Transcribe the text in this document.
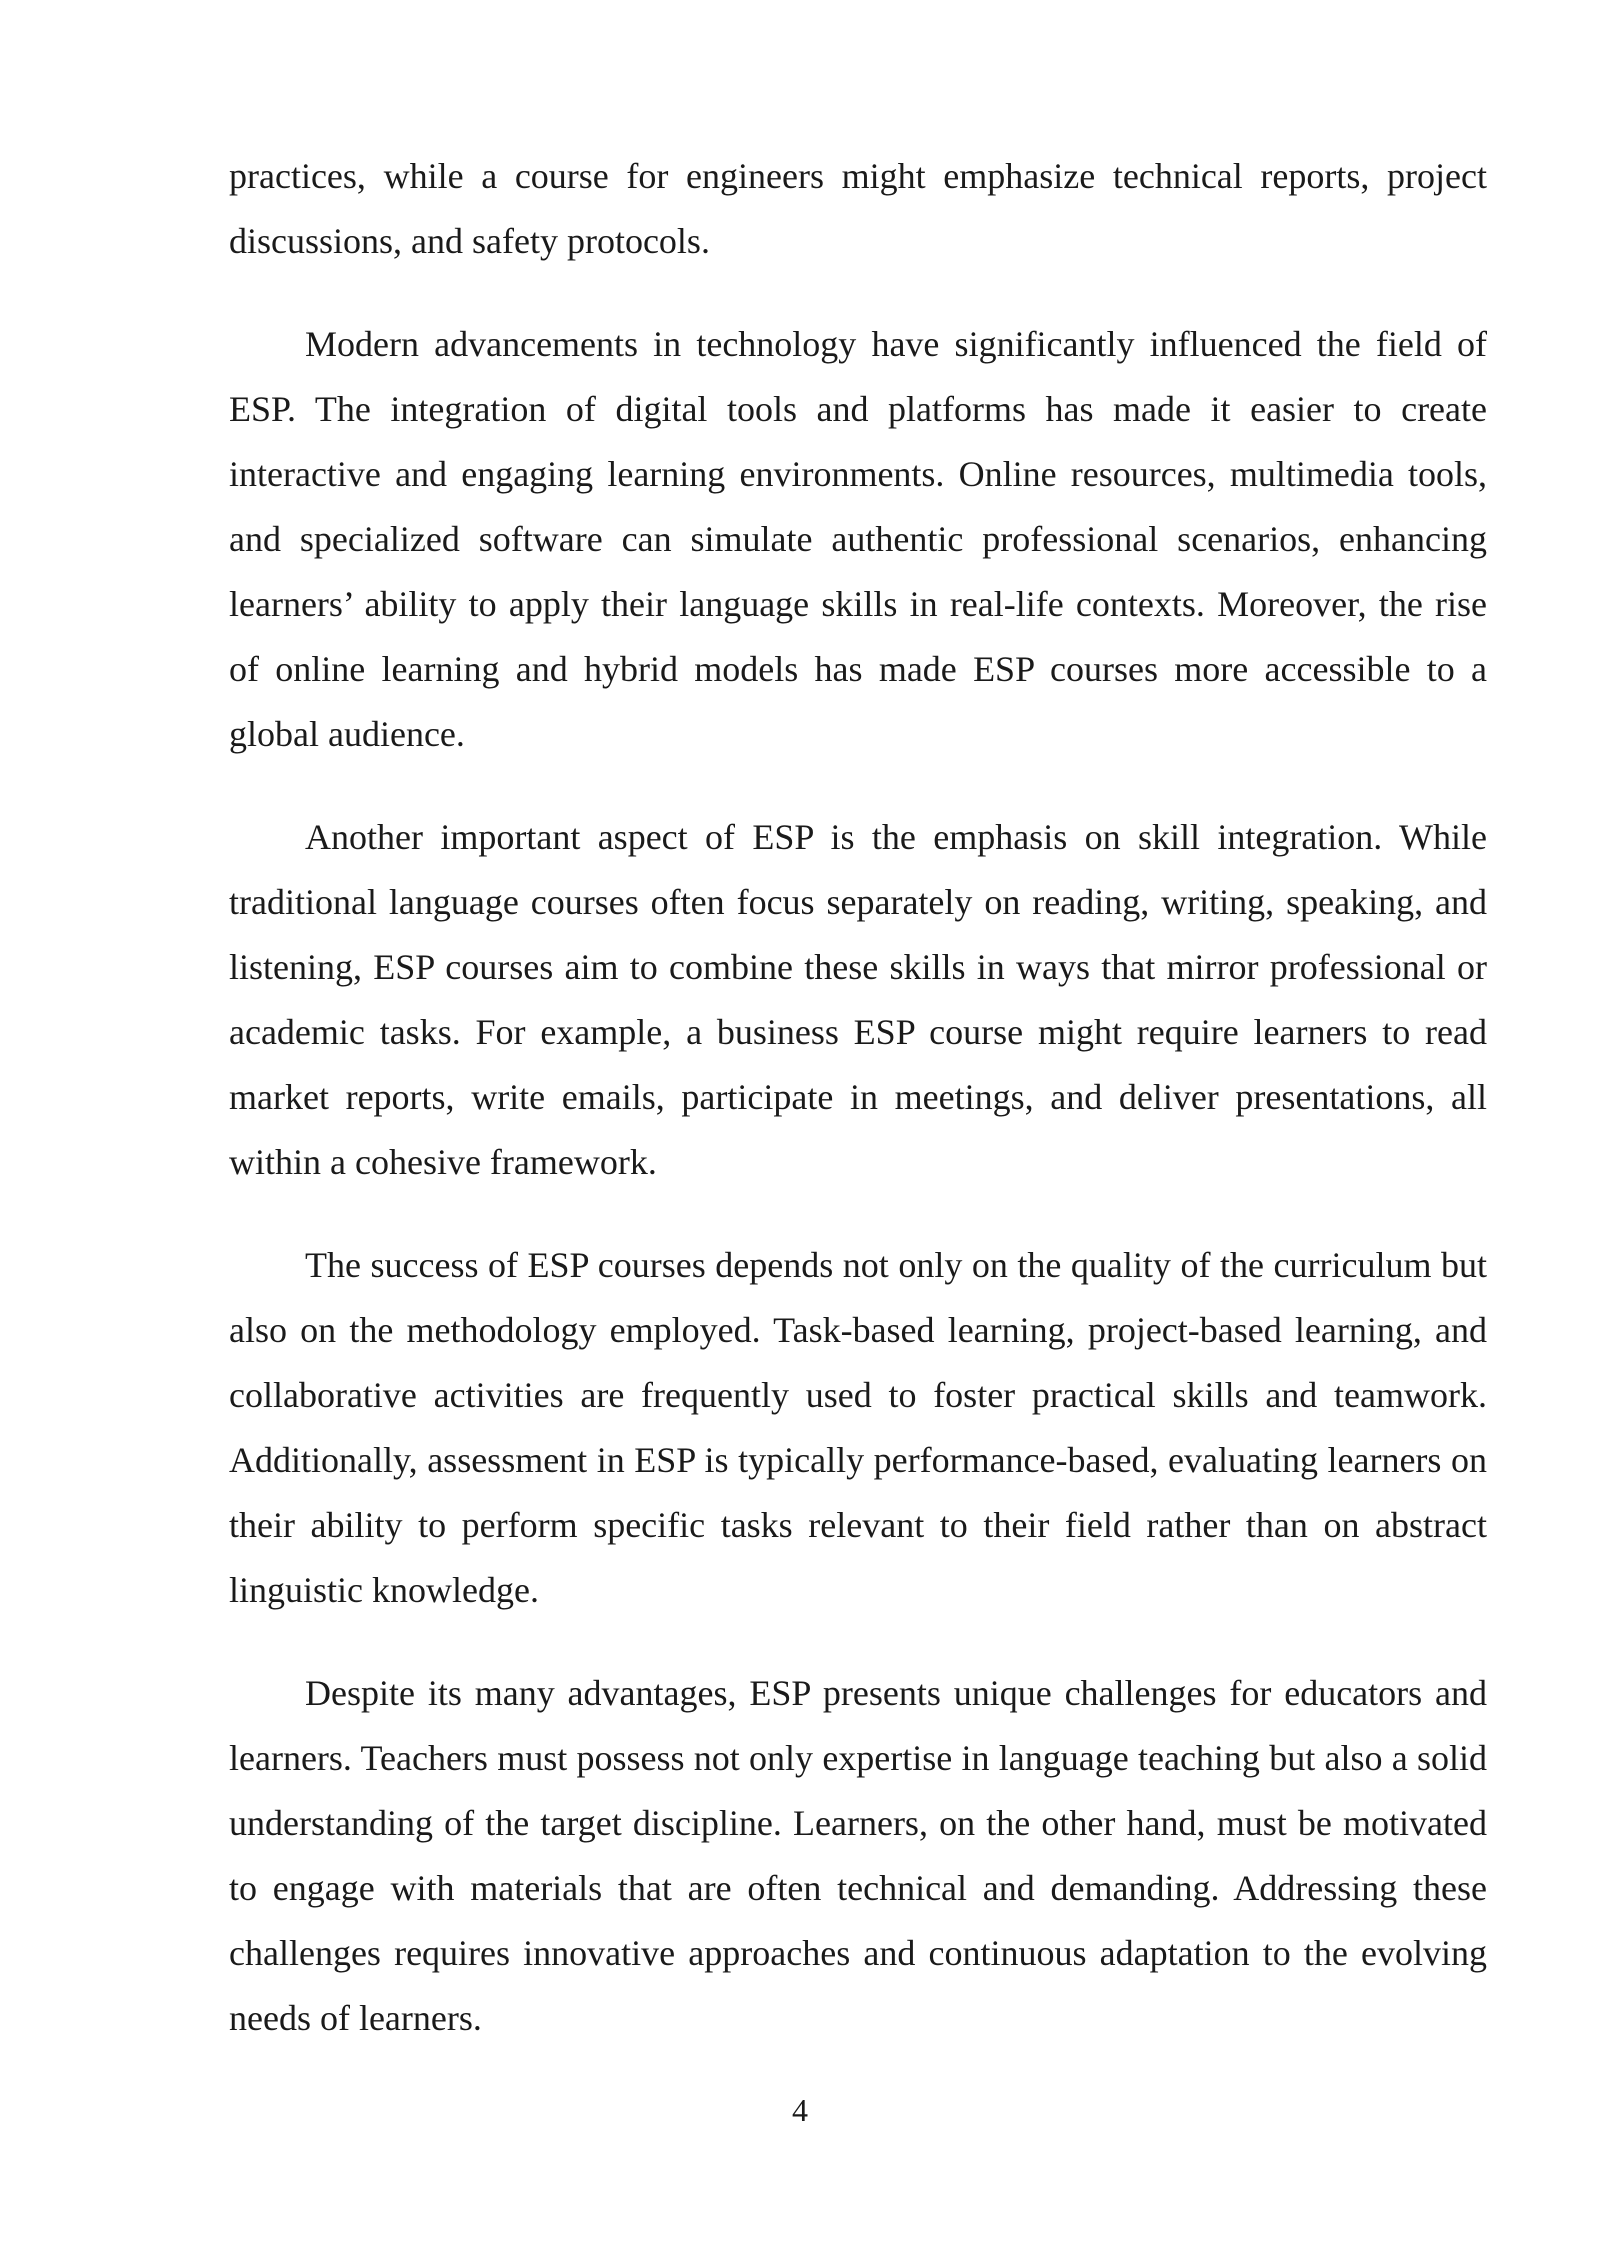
practices, while a course for engineers might emphasize technical reports, project discussions, and safety protocols.

Modern advancements in technology have significantly influenced the field of ESP. The integration of digital tools and platforms has made it easier to create interactive and engaging learning environments. Online resources, multimedia tools, and specialized software can simulate authentic professional scenarios, enhancing learners’ ability to apply their language skills in real-life contexts. Moreover, the rise of online learning and hybrid models has made ESP courses more accessible to a global audience.

Another important aspect of ESP is the emphasis on skill integration. While traditional language courses often focus separately on reading, writing, speaking, and listening, ESP courses aim to combine these skills in ways that mirror professional or academic tasks. For example, a business ESP course might require learners to read market reports, write emails, participate in meetings, and deliver presentations, all within a cohesive framework.

The success of ESP courses depends not only on the quality of the curriculum but also on the methodology employed. Task-based learning, project-based learning, and collaborative activities are frequently used to foster practical skills and teamwork. Additionally, assessment in ESP is typically performance-based, evaluating learners on their ability to perform specific tasks relevant to their field rather than on abstract linguistic knowledge.

Despite its many advantages, ESP presents unique challenges for educators and learners. Teachers must possess not only expertise in language teaching but also a solid understanding of the target discipline. Learners, on the other hand, must be motivated to engage with materials that are often technical and demanding. Addressing these challenges requires innovative approaches and continuous adaptation to the evolving needs of learners.

4
